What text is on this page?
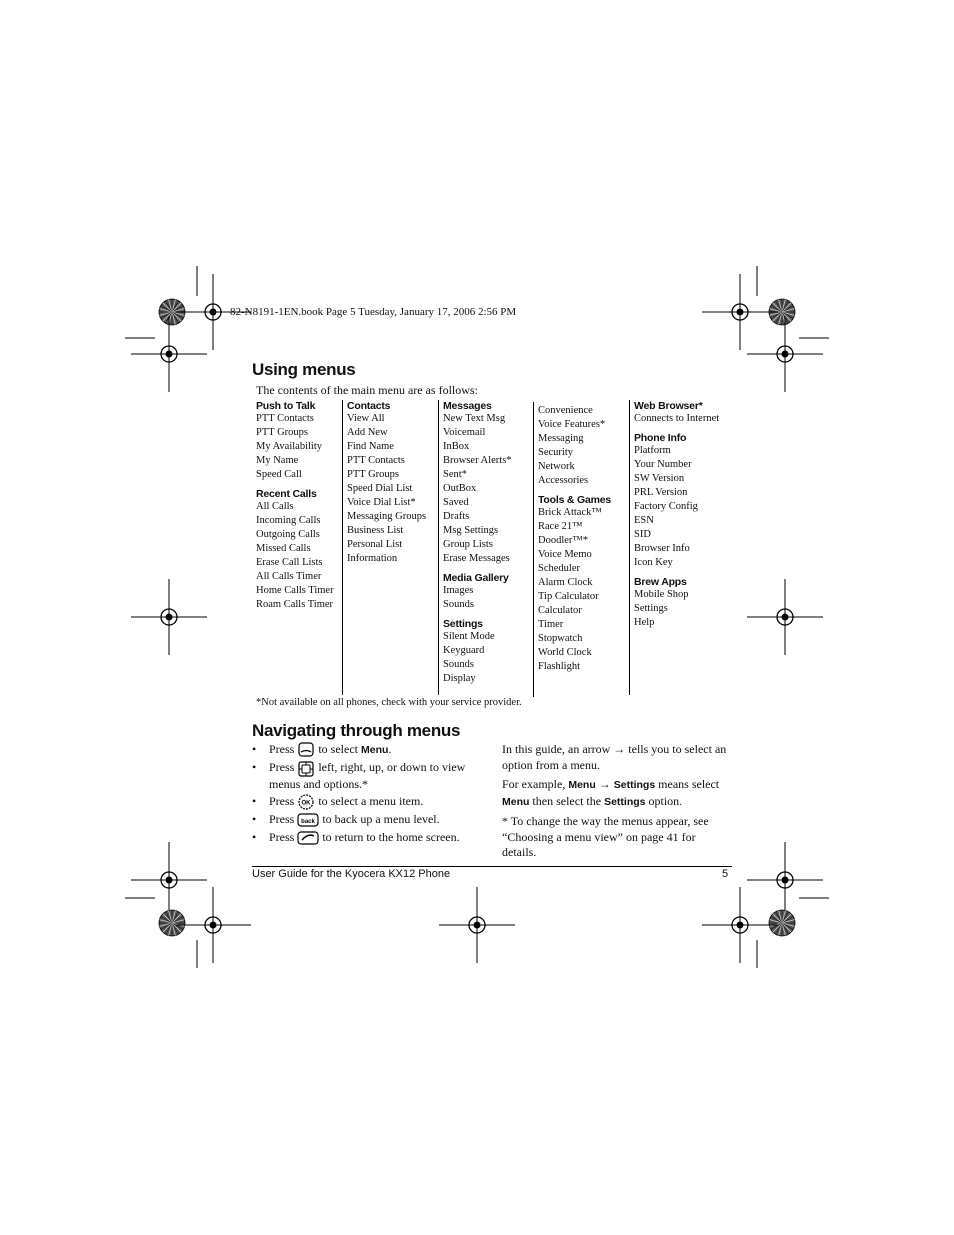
82-N8191-1EN.book Page 5 Tuesday, January 17, 2006 2:56 PM
Using menus
The contents of the main menu are as follows:
Push to Talk
PTT Contacts
PTT Groups
My Availability
My Name
Speed Call
Recent Calls
All Calls
Incoming Calls
Outgoing Calls
Missed Calls
Erase Call Lists
All Calls Timer
Home Calls Timer
Roam Calls Timer
Contacts
View All
Add New
Find Name
PTT Contacts
PTT Groups
Speed Dial List
Voice Dial List*
Messaging Groups
Business List
Personal List
Information
Messages
New Text Msg
Voicemail
InBox
Browser Alerts*
Sent*
OutBox
Saved
Drafts
Msg Settings
Group Lists
Erase Messages
Media Gallery
Images
Sounds
Settings
Silent Mode
Keyguard
Sounds
Display
Convenience
Voice Features*
Messaging
Security
Network
Accessories
Tools & Games
Brick Attack™
Race 21™
Doodler™*
Voice Memo
Scheduler
Alarm Clock
Tip Calculator
Calculator
Timer
Stopwatch
World Clock
Flashlight
Web Browser*
Connects to Internet
Phone Info
Platform
Your Number
SW Version
PRL Version
Factory Config
ESN
SID
Browser Info
Icon Key
Brew Apps
Mobile Shop
Settings
Help
*Not available on all phones, check with your service provider.
Navigating through menus
•	Press to select Menu.
•	Press left, right, up, or down to view menus and options.*
•	Press OK to select a menu item.
•	Press back to back up a menu level.
•	Press to return to the home screen.

In this guide, an arrow → tells you to select an option from a menu.

For example, Menu → Settings means select Menu then select the Settings option.

* To change the way the menus appear, see “Choosing a menu view” on page 41 for details.

User Guide for the Kyocera KX12 Phone	5
